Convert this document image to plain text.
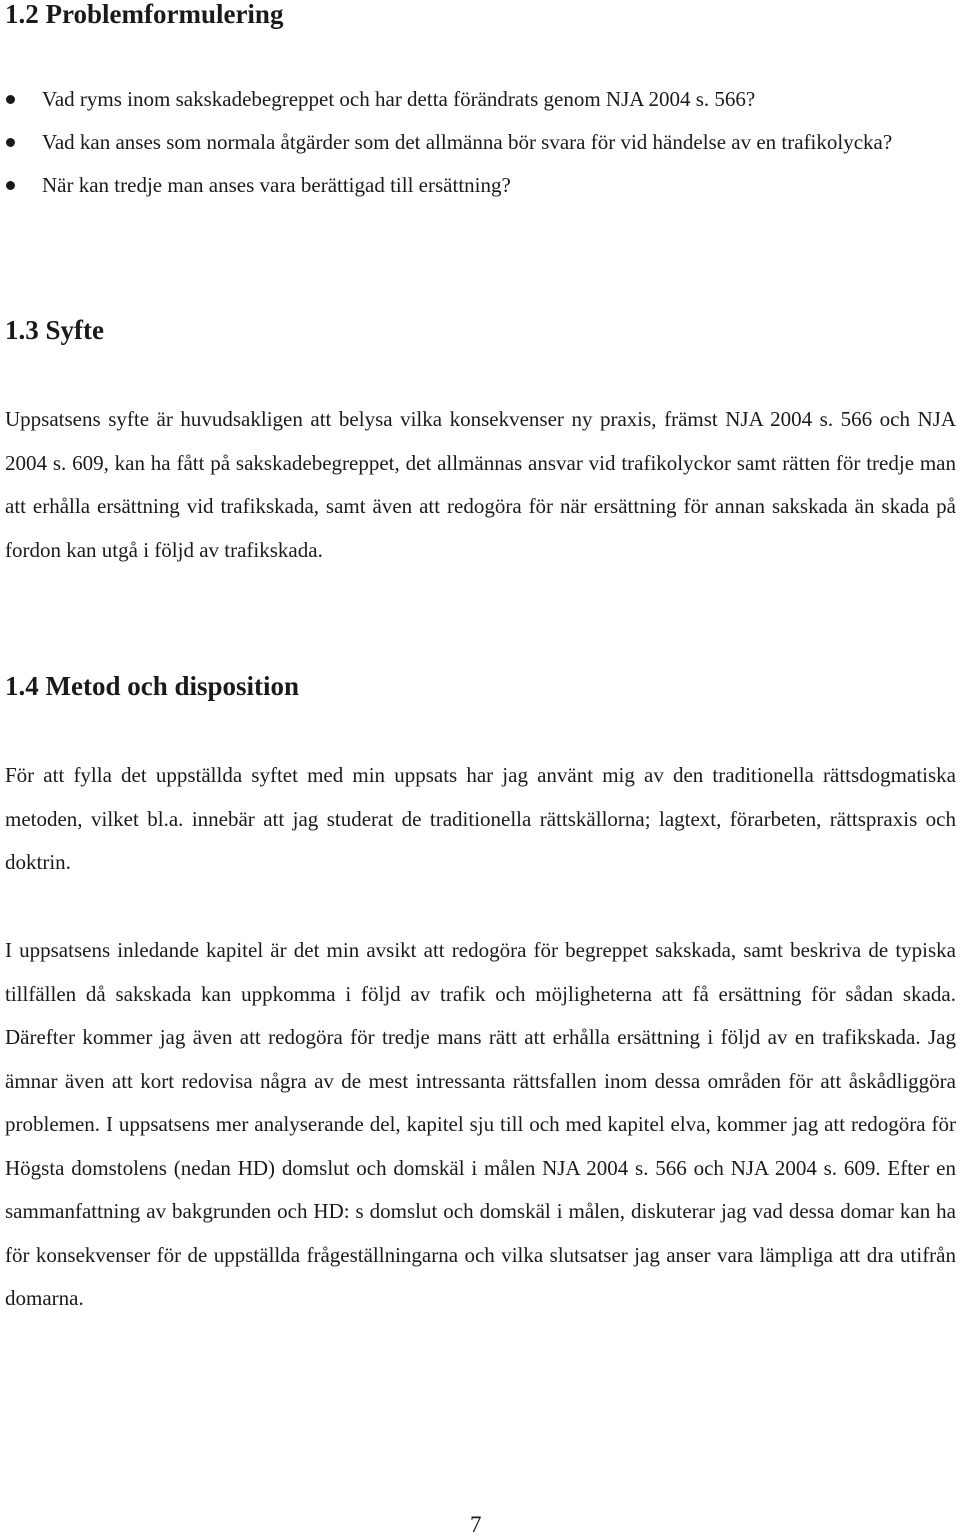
1.2 Problemformulering
Vad ryms inom sakskadebegreppet och har detta förändrats genom NJA 2004 s. 566?
Vad kan anses som normala åtgärder som det allmänna bör svara för vid händelse av en trafikolycka?
När kan tredje man anses vara berättigad till ersättning?
1.3 Syfte

Uppsatsens syfte är huvudsakligen att belysa vilka konsekvenser ny praxis, främst NJA 2004 s. 566 och NJA 2004 s. 609, kan ha fått på sakskadebegreppet, det allmännas ansvar vid trafikolyckor samt rätten för tredje man att erhålla ersättning vid trafikskada, samt även att redogöra för när ersättning för annan sakskada än skada på fordon kan utgå i följd av trafikskada.

1.4 Metod och disposition

För att fylla det uppställda syftet med min uppsats har jag använt mig av den traditionella rättsdogmatiska metoden, vilket bl.a. innebär att jag studerat de traditionella rättskällorna; lagtext, förarbeten, rättspraxis och doktrin.

I uppsatsens inledande kapitel är det min avsikt att redogöra för begreppet sakskada, samt beskriva de typiska tillfällen då sakskada kan uppkomma i följd av trafik och möjligheterna att få ersättning för sådan skada. Därefter kommer jag även att redogöra för tredje mans rätt att erhålla ersättning i följd av en trafikskada. Jag ämnar även att kort redovisa några av de mest intressanta rättsfallen inom dessa områden för att åskådliggöra problemen. I uppsatsens mer analyserande del, kapitel sju till och med kapitel elva, kommer jag att redogöra för Högsta domstolens (nedan HD) domslut och domskäl i målen NJA 2004 s. 566 och NJA 2004 s. 609. Efter en sammanfattning av bakgrunden och HD: s domslut och domskäl i målen, diskuterar jag vad dessa domar kan ha för konsekvenser för de uppställda frågeställningarna och vilka slutsatser jag anser vara lämpliga att dra utifrån domarna.

7
